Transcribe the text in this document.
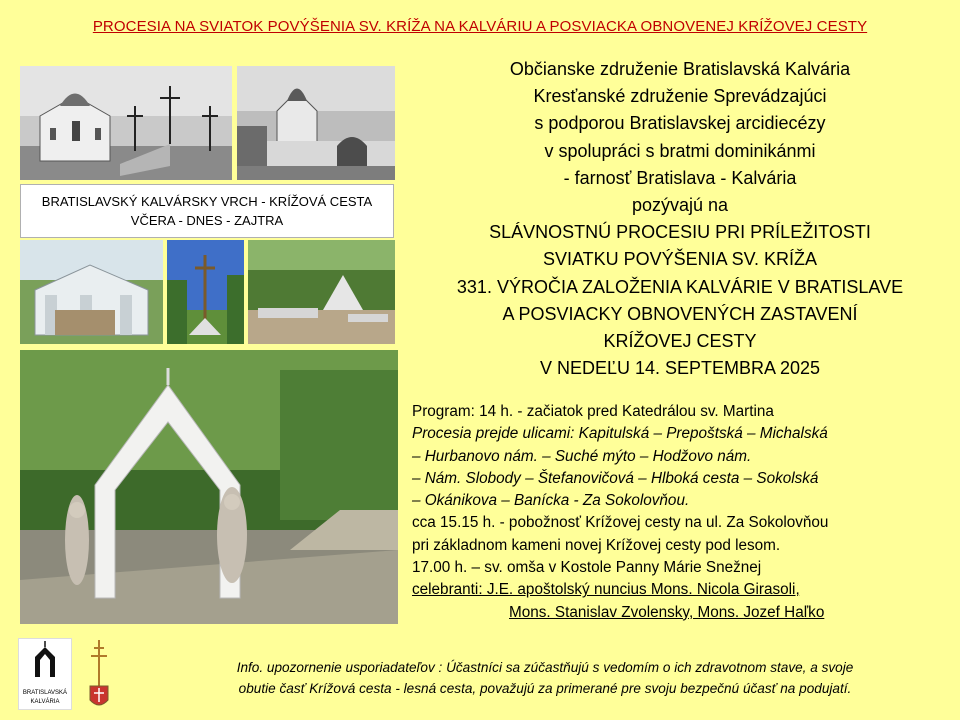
PROCESIA NA SVIATOK POVÝŠENIA SV. KRÍŽA NA KALVÁRIU A POSVIACKA OBNOVENEJ KRÍŽOVEJ CESTY
BRATISLAVSKÝ KALVÁRSKY VRCH - KRÍŽOVÁ CESTA
VČERA - DNES - ZAJTRA
Občianske združenie Bratislavská Kalvária
Kresťanské združenie Sprevádzajúci
s podporou Bratislavskej arcidiecézy
v spolupráci s bratmi dominikánmi
- farnosť Bratislava - Kalvária
pozývajú na
SLÁVNOSTNÚ PROCESIU PRI PRÍLEŽITOSTI
SVIATKU POVÝŠENIA SV. KRÍŽA
331. VÝROČIA ZALOŽENIA KALVÁRIE V BRATISLAVE
A POSVIACKY OBNOVENÝCH ZASTAVENÍ
KRÍŽOVEJ CESTY
V NEDEĽU 14. SEPTEMBRA 2025
Program: 14 h. - začiatok pred Katedrálou sv. Martina
Procesia prejde ulicami: Kapitulská – Prepoštská – Michalská
– Hurbanovo nám. – Suché mýto – Hodžovo nám.
– Nám. Slobody – Štefanovičová – Hlboká cesta – Sokolská
– Okánikova – Banícka - Za Sokolovňou.
cca 15.15 h. - pobožnosť Krížovej cesty na ul. Za Sokolovňou
pri základnom kameni novej Krížovej cesty pod lesom.
17.00 h. – sv. omša v Kostole Panny Márie Snežnej
celebranti: J.E. apoštolský nuncius Mons. Nicola Girasoli,
Mons. Stanislav Zvolensky, Mons. Jozef Haľko
BRATISLAVSKÁ
KALVÁRIA
Info. upozornenie usporiadateľov : Účastníci sa zúčastňujú s vedomím o ich zdravotnom stave, a svoje
obutie časť Krížová cesta - lesná cesta, považujú za primerané pre svoju bezpečnú účasť na podujatí.
